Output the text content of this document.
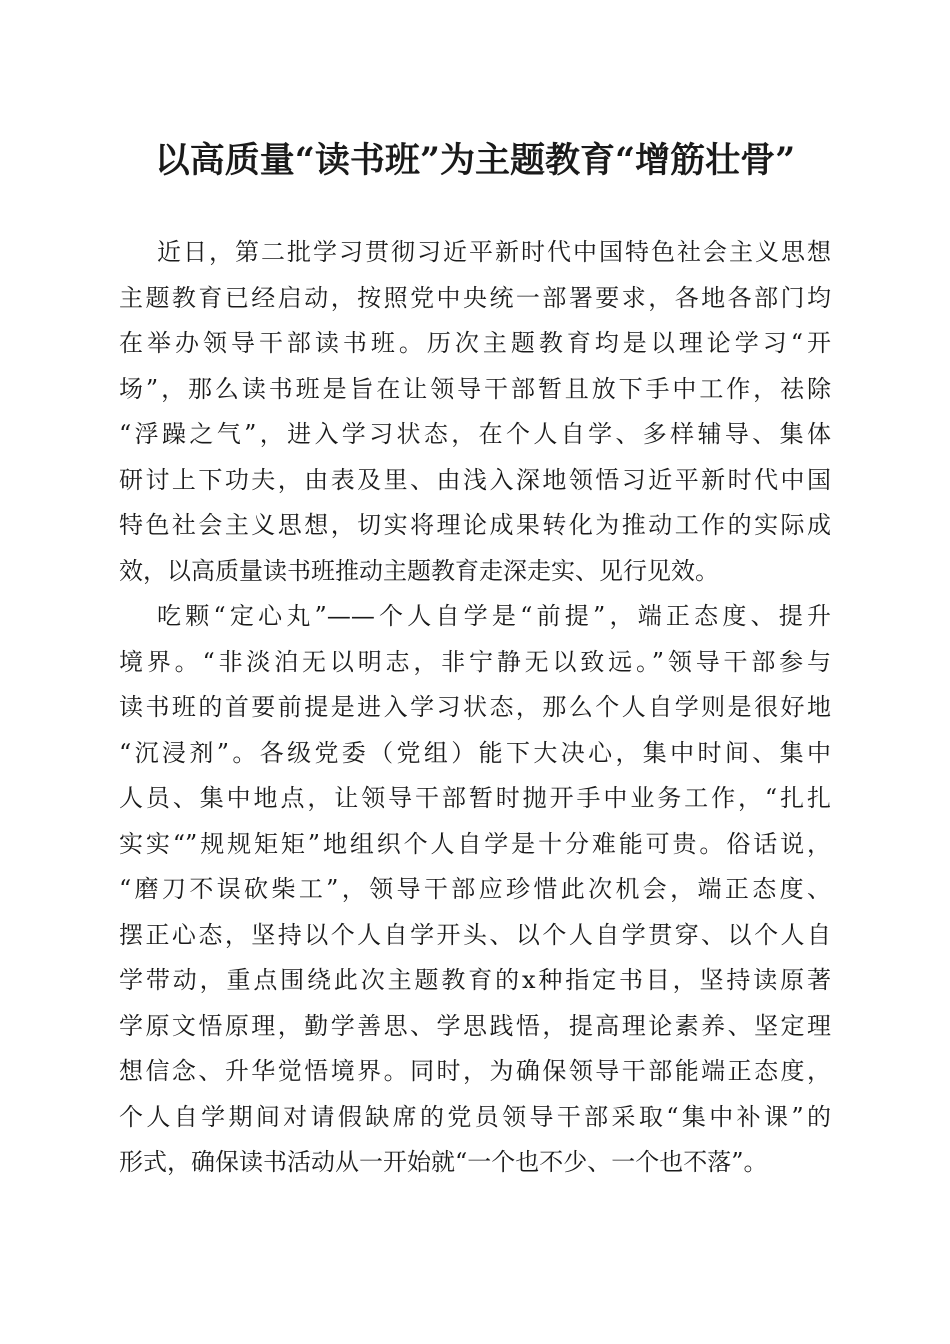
以高质量“读书班”为主题教育“增筋壮骨”
近日，第二批学习贯彻习近平新时代中国特色社会主义思想
主题教育已经启动，按照党中央统一部署要求，各地各部门均
在举办领导干部读书班。历次主题教育均是以理论学习“开
场”，那么读书班是旨在让领导干部暂且放下手中工作，祛除
“浮躁之气”，进入学习状态，在个人自学、多样辅导、集体
研讨上下功夫，由表及里、由浅入深地领悟习近平新时代中国
特色社会主义思想，切实将理论成果转化为推动工作的实际成
效，以高质量读书班推动主题教育走深走实、见行见效。
吃颗“定心丸”——个人自学是“前提”，端正态度、提升
境界。“非淡泊无以明志，非宁静无以致远。”领导干部参与
读书班的首要前提是进入学习状态，那么个人自学则是很好地
“沉浸剂”。各级党委（党组）能下大决心，集中时间、集中
人员、集中地点，让领导干部暂时抛开手中业务工作，“扎扎
实实“”规规矩矩”地组织个人自学是十分难能可贵。俗话说，
“磨刀不误砍柴工”，领导干部应珍惜此次机会，端正态度、
摆正心态，坚持以个人自学开头、以个人自学贯穿、以个人自
学带动，重点围绕此次主题教育的x种指定书目，坚持读原著
学原文悟原理，勤学善思、学思践悟，提高理论素养、坚定理
想信念、升华觉悟境界。同时，为确保领导干部能端正态度，
个人自学期间对请假缺席的党员领导干部采取“集中补课”的
形式，确保读书活动从一开始就“一个也不少、一个也不落”。
